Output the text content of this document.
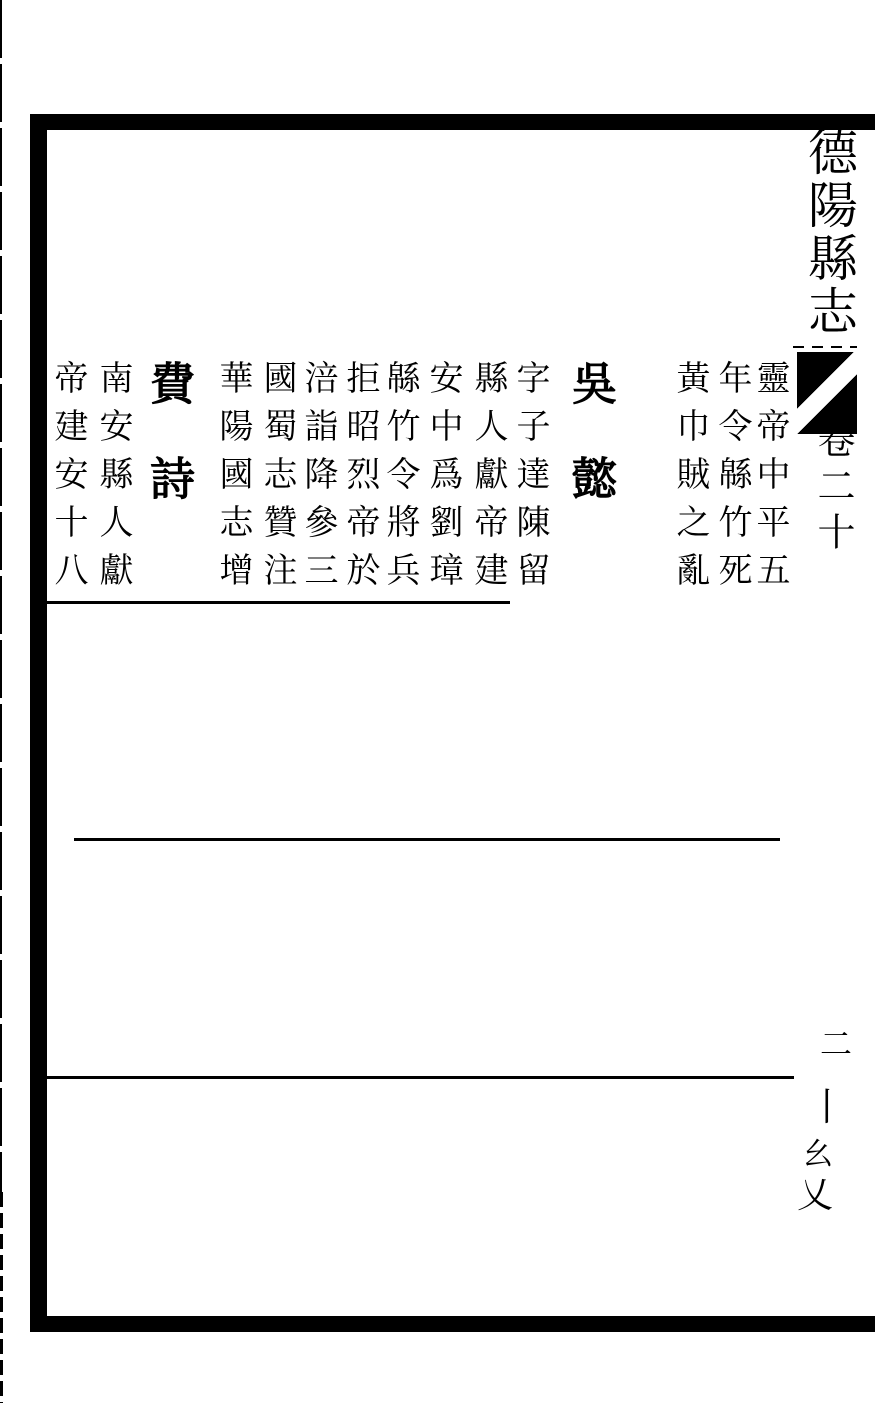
靈帝中平五
年令緜竹死
黃巾賊之亂
吳懿
字子達陳留
縣人獻帝建
安中爲劉璋
緜竹令將兵
拒昭烈帝於
涪詣降參三
國蜀志贊注
華陽國志增
費詩
南安縣人獻
帝建安十八
德陽縣志
卷二十
二
丨
幺
乂
